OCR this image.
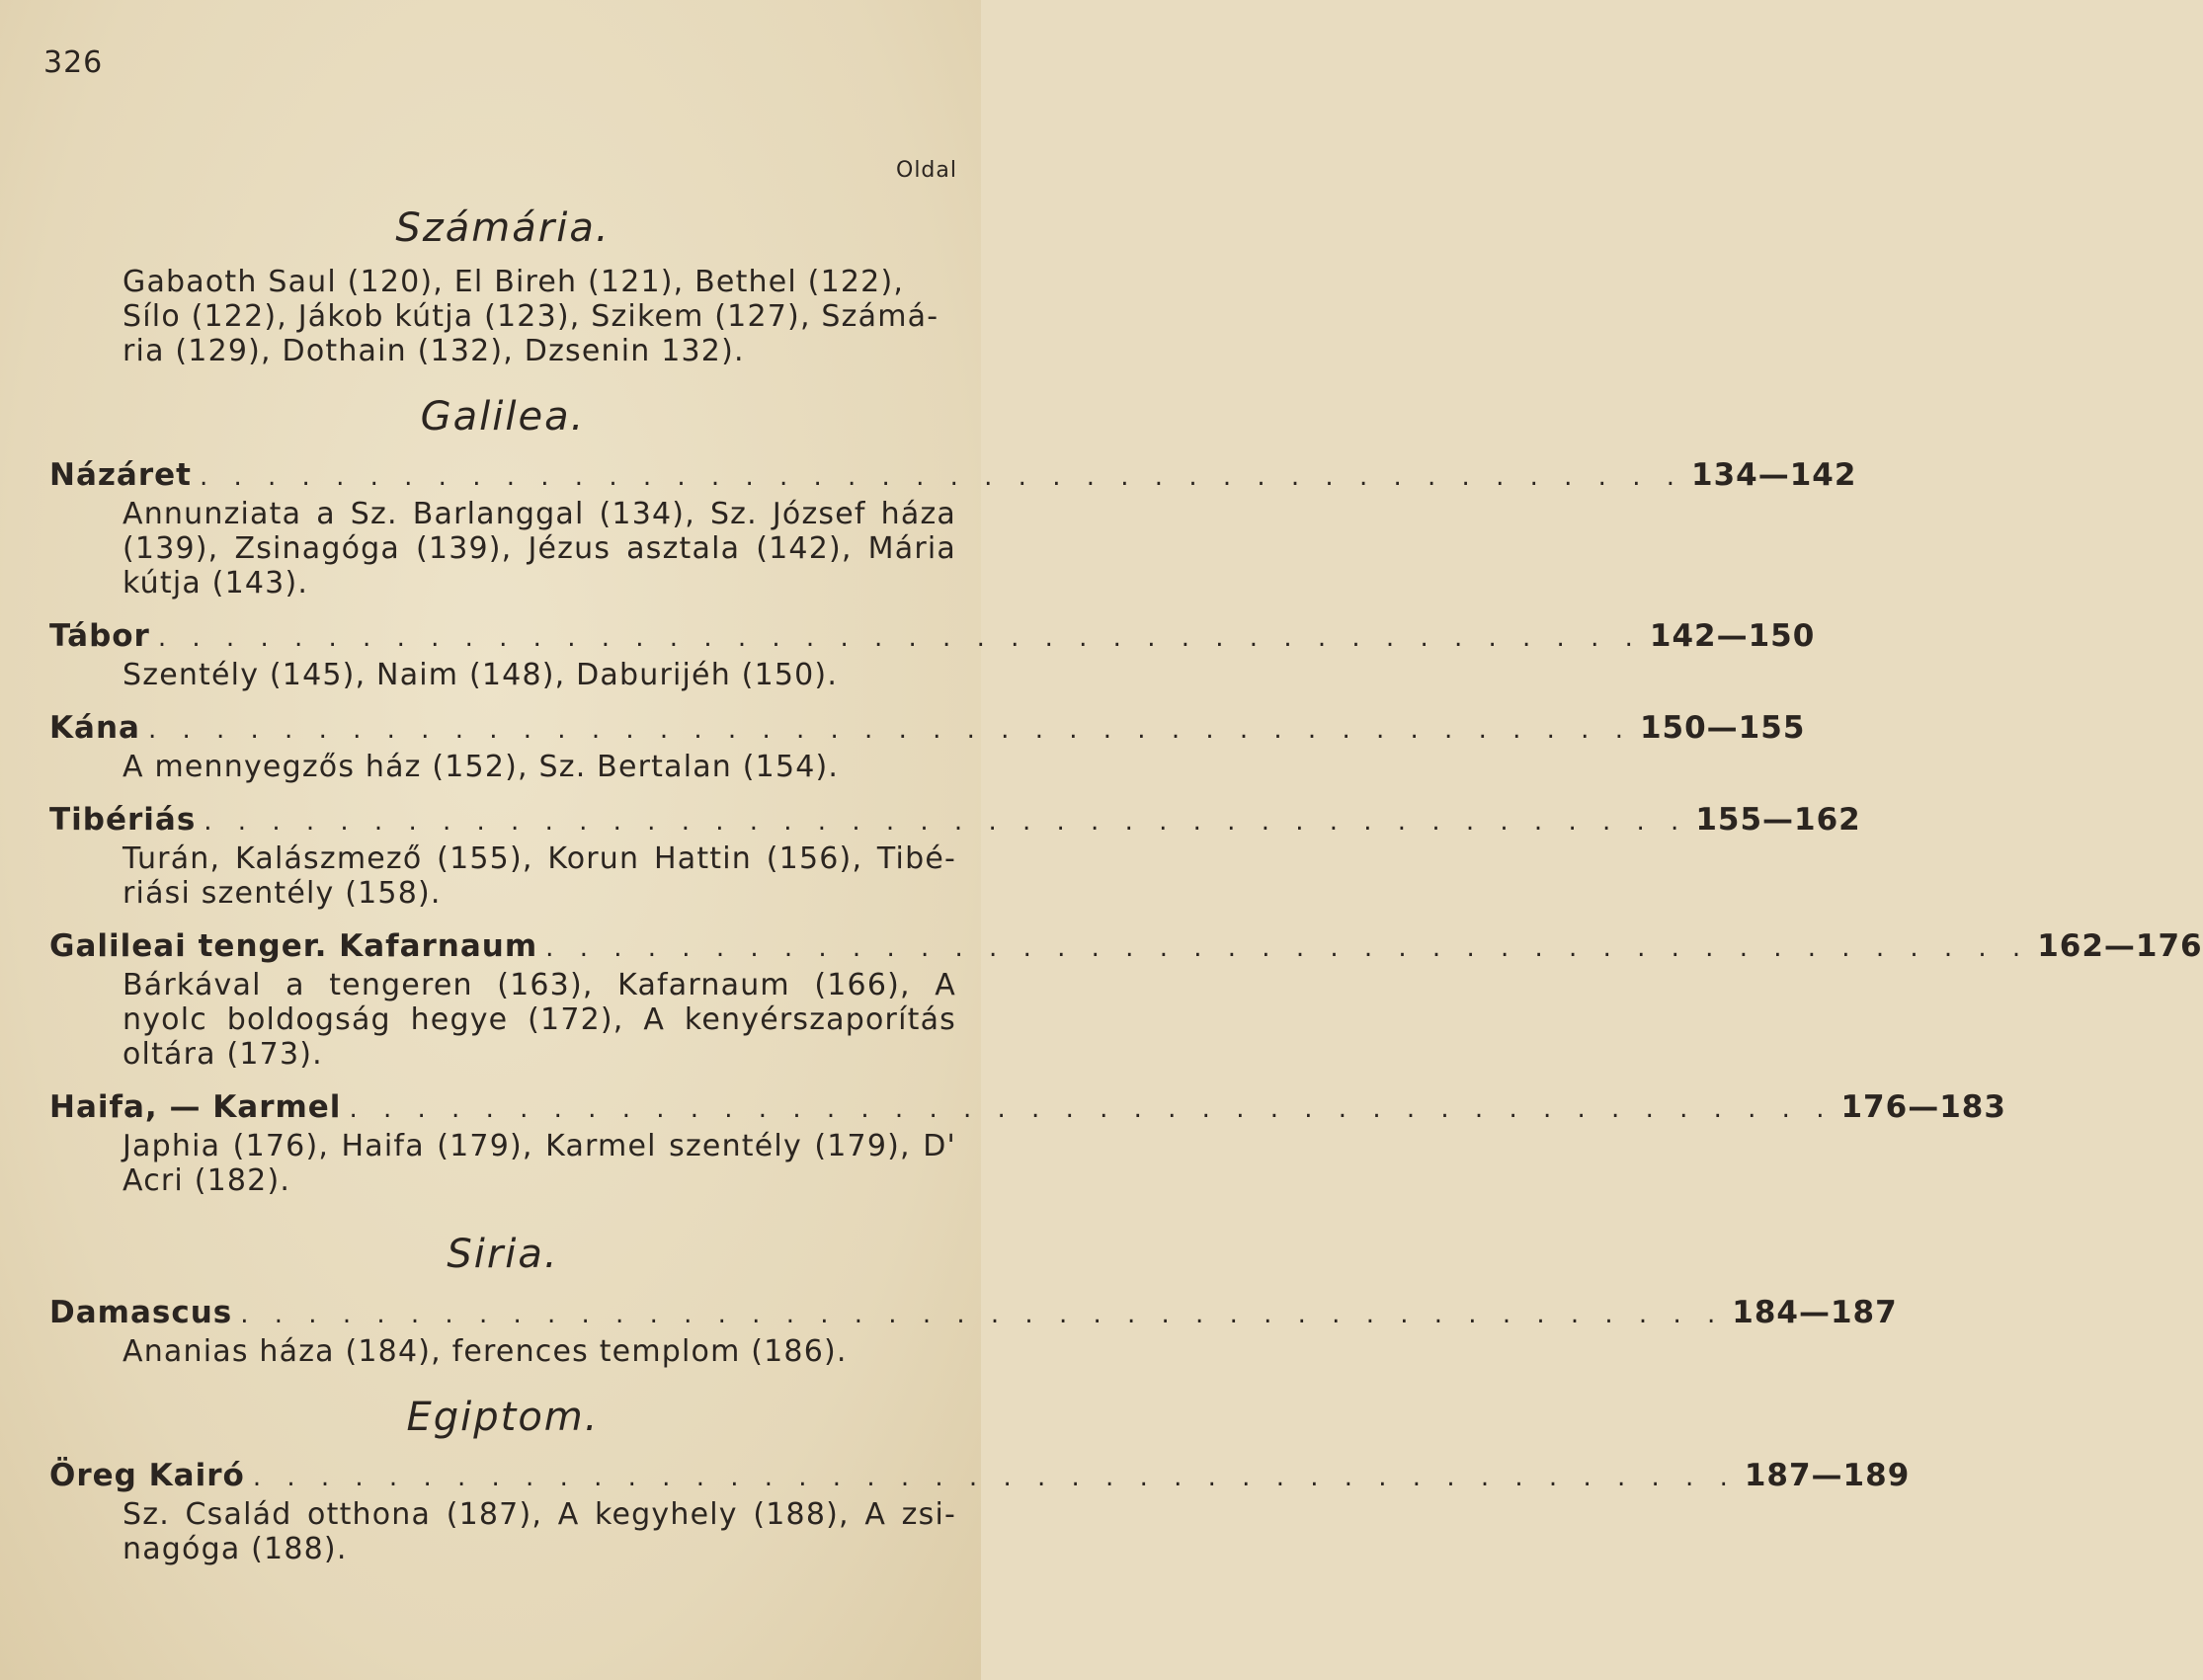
326
Oldal
Számária.
Gabaoth Saul (120), El Bireh (121), Bethel (122),
Sílo (122), Jákob kútja (123), Szikem (127), Számá-
ria (129), Dothain (132), Dzsenin 132).
Galilea.
Názáret . . . . . . . . . . . . . . . . . . . . . . . . . . . . . . . . . . . . . . . . . . . . 134—142
Annunziata a Sz. Barlanggal (134), Sz. József háza (139), Zsinagóga (139), Jézus asztala (142), Mária kútja (143).
Tábor . . . . . . . . . . . . . . . . . . . . . . . . . . . . . . . . . . . . . . . . . . . . 142—150
Szentély (145), Naim (148), Daburijéh (150).
Kána . . . . . . . . . . . . . . . . . . . . . . . . . . . . . . . . . . . . . . . . . . . . 150—155
A mennyegzős ház (152), Sz. Bertalan (154).
Tibériás . . . . . . . . . . . . . . . . . . . . . . . . . . . . . . . . . . . . . . . . . . . . 155—162
Turán, Kalászmező (155), Korun Hattin (156), Tibé-riási szentély (158).
Galileai tenger. Kafarnaum . . . . . . . . . . . . . . . . . . . . . . . . . . . . . . . . . . . . . . . . . . . . 162—176
Bárkával a tengeren (163), Kafarnaum (166), A nyolc boldogság hegye (172), A kenyérszaporítás oltára (173).
Haifa, — Karmel . . . . . . . . . . . . . . . . . . . . . . . . . . . . . . . . . . . . . . . . . . . . 176—183
Japhia (176), Haifa (179), Karmel szentély (179), D' Acri (182).
Siria.
Damascus . . . . . . . . . . . . . . . . . . . . . . . . . . . . . . . . . . . . . . . . . . . . 184—187
Ananias háza (184), ferences templom (186).
Egiptom.
Öreg Kairó . . . . . . . . . . . . . . . . . . . . . . . . . . . . . . . . . . . . . . . . . . . . 187—189
Sz. Család otthona (187), A kegyhely (188), A zsi-nagóga (188).
